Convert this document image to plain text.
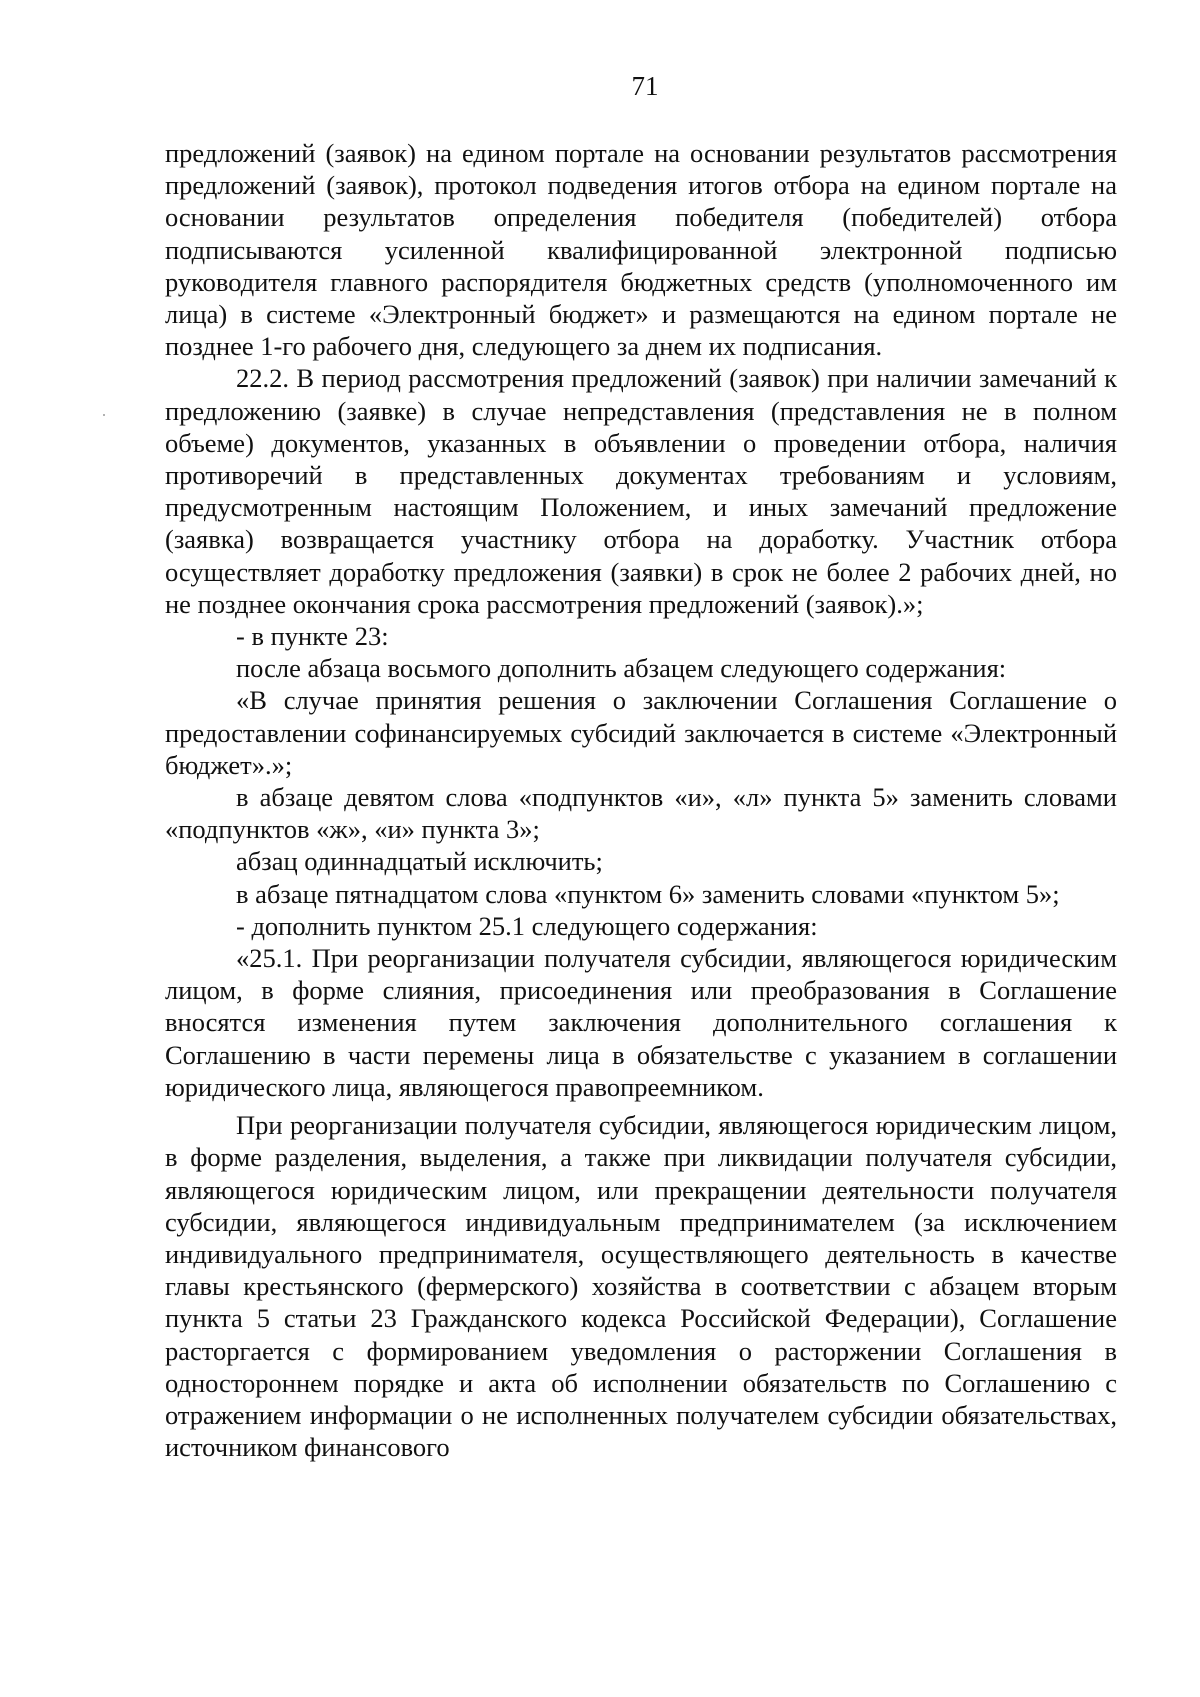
71

предложений (заявок) на едином портале на основании результатов рассмотрения предложений (заявок), протокол подведения итогов отбора на едином портале на основании результатов определения победителя (победителей) отбора подписываются усиленной квалифицированной электронной подписью руководителя главного распорядителя бюджетных средств (уполномоченного им лица) в системе «Электронный бюджет» и размещаются на едином портале не позднее 1-го рабочего дня, следующего за днем их подписания.

22.2. В период рассмотрения предложений (заявок) при наличии замечаний к предложению (заявке) в случае непредставления (представления не в полном объеме) документов, указанных в объявлении о проведении отбора, наличия противоречий в представленных документах требованиям и условиям, предусмотренным настоящим Положением, и иных замечаний предложение (заявка) возвращается участнику отбора на доработку. Участник отбора осуществляет доработку предложения (заявки) в срок не более 2 рабочих дней, но не позднее окончания срока рассмотрения предложений (заявок).»;

- в пункте 23:

после абзаца восьмого дополнить абзацем следующего содержания:

«В случае принятия решения о заключении Соглашения Соглашение о предоставлении софинансируемых субсидий заключается в системе «Электронный бюджет».»;

в абзаце девятом слова «подпунктов «и», «л» пункта 5» заменить словами «подпунктов «ж», «и» пункта 3»;

абзац одиннадцатый исключить;

в абзаце пятнадцатом слова «пунктом 6» заменить словами «пунктом 5»;

- дополнить пунктом 25.1 следующего содержания:

«25.1. При реорганизации получателя субсидии, являющегося юридическим лицом, в форме слияния, присоединения или преобразования в Соглашение вносятся изменения путем заключения дополнительного соглашения к Соглашению в части перемены лица в обязательстве с указанием в соглашении юридического лица, являющегося правопреемником.

При реорганизации получателя субсидии, являющегося юридическим лицом, в форме разделения, выделения, а также при ликвидации получателя субсидии, являющегося юридическим лицом, или прекращении деятельности получателя субсидии, являющегося индивидуальным предпринимателем (за исключением индивидуального предпринимателя, осуществляющего деятельность в качестве главы крестьянского (фермерского) хозяйства в соответствии с абзацем вторым пункта 5 статьи 23 Гражданского кодекса Российской Федерации), Соглашение расторгается с формированием уведомления о расторжении Соглашения в одностороннем порядке и акта об исполнении обязательств по Соглашению с отражением информации о не исполненных получателем субсидии обязательствах, источником финансового
